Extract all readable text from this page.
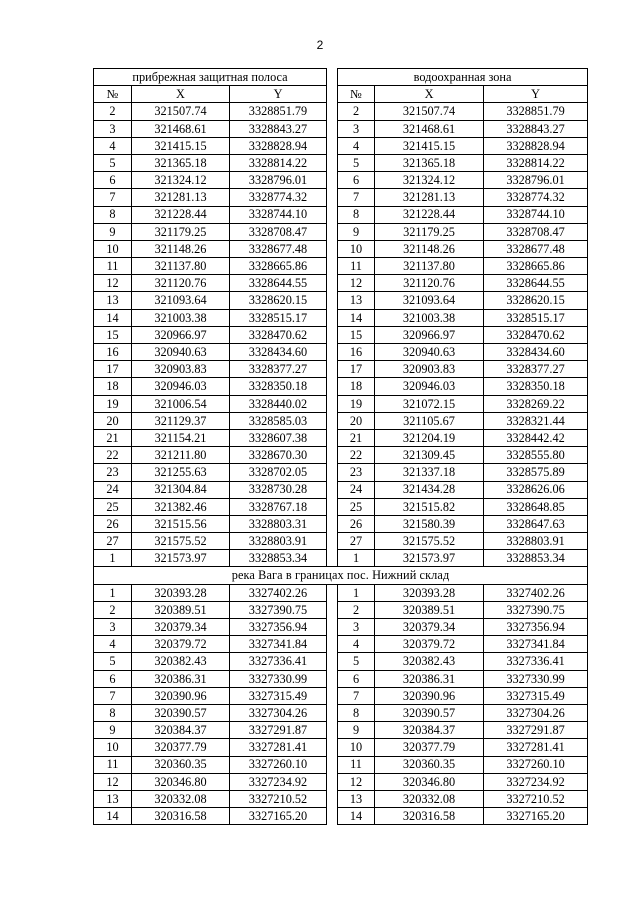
2
прибрежная защитная полоса				водоохранная зона		
№	X	Y		№	X	Y
2	321507.74	3328851.79		2	321507.74	3328851.79
3	321468.61	3328843.27		3	321468.61	3328843.27
4	321415.15	3328828.94		4	321415.15	3328828.94
5	321365.18	3328814.22		5	321365.18	3328814.22
6	321324.12	3328796.01		6	321324.12	3328796.01
7	321281.13	3328774.32		7	321281.13	3328774.32
8	321228.44	3328744.10		8	321228.44	3328744.10
9	321179.25	3328708.47		9	321179.25	3328708.47
10	321148.26	3328677.48		10	321148.26	3328677.48
11	321137.80	3328665.86		11	321137.80	3328665.86
12	321120.76	3328644.55		12	321120.76	3328644.55
13	321093.64	3328620.15		13	321093.64	3328620.15
14	321003.38	3328515.17		14	321003.38	3328515.17
15	320966.97	3328470.62		15	320966.97	3328470.62
16	320940.63	3328434.60		16	320940.63	3328434.60
17	320903.83	3328377.27		17	320903.83	3328377.27
18	320946.03	3328350.18		18	320946.03	3328350.18
19	321006.54	3328440.02		19	321072.15	3328269.22
20	321129.37	3328585.03		20	321105.67	3328321.44
21	321154.21	3328607.38		21	321204.19	3328442.42
22	321211.80	3328670.30		22	321309.45	3328555.80
23	321255.63	3328702.05		23	321337.18	3328575.89
24	321304.84	3328730.28		24	321434.28	3328626.06
25	321382.46	3328767.18		25	321515.82	3328648.85
26	321515.56	3328803.31		26	321580.39	3328647.63
27	321575.52	3328803.91		27	321575.52	3328803.91
1	321573.97	3328853.34		1	321573.97	3328853.34
река Вага в границах пос. Нижний склад						
1	320393.28	3327402.26		1	320393.28	3327402.26
2	320389.51	3327390.75		2	320389.51	3327390.75
3	320379.34	3327356.94		3	320379.34	3327356.94
4	320379.72	3327341.84		4	320379.72	3327341.84
5	320382.43	3327336.41		5	320382.43	3327336.41
6	320386.31	3327330.99		6	320386.31	3327330.99
7	320390.96	3327315.49		7	320390.96	3327315.49
8	320390.57	3327304.26		8	320390.57	3327304.26
9	320384.37	3327291.87		9	320384.37	3327291.87
10	320377.79	3327281.41		10	320377.79	3327281.41
11	320360.35	3327260.10		11	320360.35	3327260.10
12	320346.80	3327234.92		12	320346.80	3327234.92
13	320332.08	3327210.52		13	320332.08	3327210.52
14	320316.58	3327165.20		14	320316.58	3327165.20
